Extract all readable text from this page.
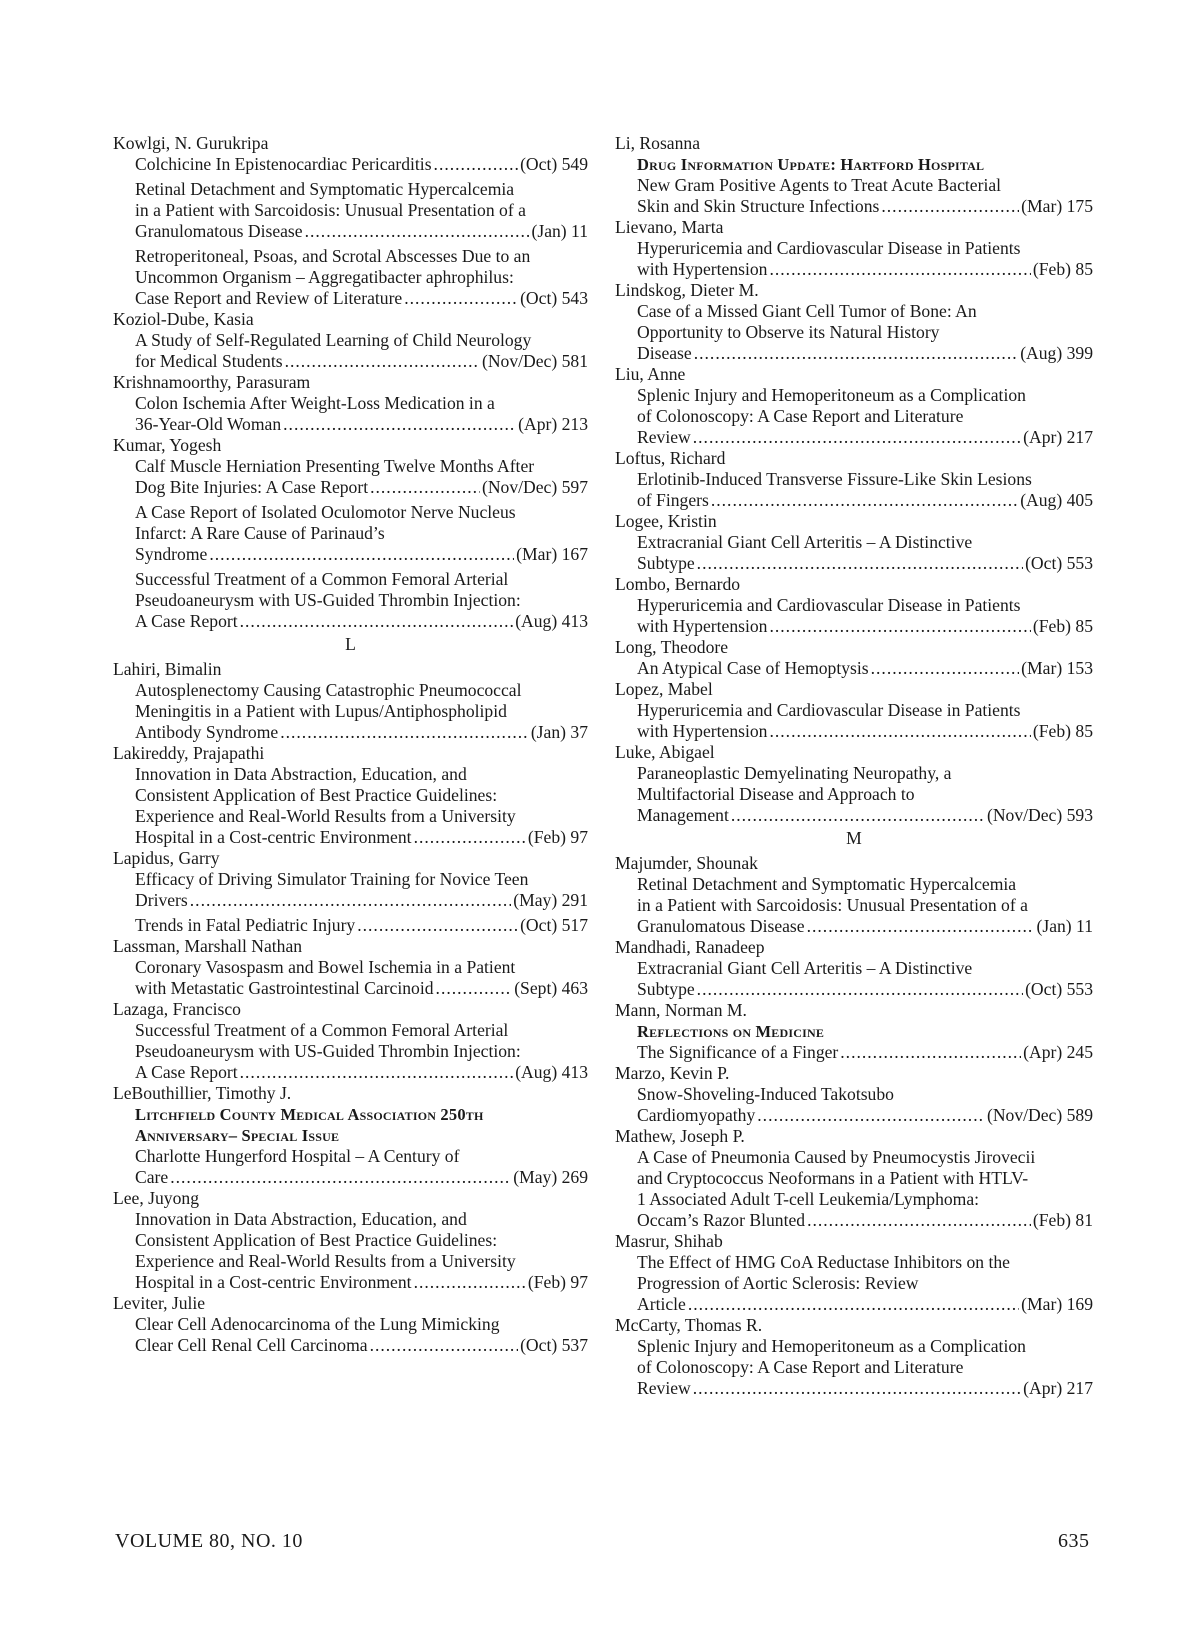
Kowlgi, N. Gurukripa
Colchicine In Epistenocardiac Pericarditis .....	(Oct) 549
Retinal Detachment and Symptomatic Hypercalcemia
in a Patient with Sarcoidosis: Unusual Presentation of a
Granulomatous Disease .....	(Jan) 11
Retroperitoneal, Psoas, and Scrotal Abscesses Due to an
Uncommon Organism – Aggregatibacter aphrophilus:
Case Report and Review of Literature .....	(Oct) 543
Koziol-Dube, Kasia
A Study of Self-Regulated Learning of Child Neurology
for Medical Students .....	(Nov/Dec) 581
Krishnamoorthy, Parasuram
Colon Ischemia After Weight-Loss Medication in a
36-Year-Old Woman .....	(Apr) 213
Kumar, Yogesh
Calf Muscle Herniation Presenting Twelve Months After
Dog Bite Injuries: A Case Report .....	(Nov/Dec) 597
A Case Report of Isolated Oculomotor Nerve Nucleus
Infarct: A Rare Cause of Parinaud’s
Syndrome .....	(Mar) 167
Successful Treatment of a Common Femoral Arterial
Pseudoaneurysm with US-Guided Thrombin Injection:
A Case Report .....	(Aug) 413
L
Lahiri, Bimalin
Autosplenectomy Causing Catastrophic Pneumococcal
Meningitis in a Patient with Lupus/Antiphospholipid
Antibody Syndrome .....	(Jan) 37
Lakireddy, Prajapathi
Innovation in Data Abstraction, Education, and
Consistent Application of Best Practice Guidelines:
Experience and Real-World Results from a University
Hospital in a Cost-centric Environment .....	(Feb) 97
Lapidus, Garry
Efficacy of Driving Simulator Training for Novice Teen
Drivers .....	(May) 291
Trends in Fatal Pediatric Injury .....	(Oct) 517
Lassman, Marshall Nathan
Coronary Vasospasm and Bowel Ischemia in a Patient
with Metastatic Gastrointestinal Carcinoid .....	(Sept) 463
Lazaga, Francisco
Successful Treatment of a Common Femoral Arterial
Pseudoaneurysm with US-Guided Thrombin Injection:
A Case Report .....	(Aug) 413
LeBouthillier, Timothy J.
Litchfield County Medical Association 250th
Anniversary– Special Issue
Charlotte Hungerford Hospital – A Century of
Care .....	(May) 269
Lee, Juyong
Innovation in Data Abstraction, Education, and
Consistent Application of Best Practice Guidelines:
Experience and Real-World Results from a University
Hospital in a Cost-centric Environment .....	(Feb) 97
Leviter, Julie
Clear Cell Adenocarcinoma of the Lung Mimicking
Clear Cell Renal Cell Carcinoma .....	(Oct) 537
Li, Rosanna
Drug Information Update: Hartford Hospital
New Gram Positive Agents to Treat Acute Bacterial
Skin and Skin Structure Infections .....	(Mar) 175
Lievano, Marta
Hyperuricemia and Cardiovascular Disease in Patients
with Hypertension .....	(Feb) 85
Lindskog, Dieter M.
Case of a Missed Giant Cell Tumor of Bone: An
Opportunity to Observe its Natural History
Disease .....	(Aug) 399
Liu, Anne
Splenic Injury and Hemoperitoneum as a Complication
of Colonoscopy: A Case Report and Literature
Review .....	(Apr) 217
Loftus, Richard
Erlotinib-Induced Transverse Fissure-Like Skin Lesions
of Fingers .....	(Aug) 405
Logee, Kristin
Extracranial Giant Cell Arteritis – A Distinctive
Subtype .....	(Oct) 553
Lombo, Bernardo
Hyperuricemia and Cardiovascular Disease in Patients
with Hypertension .....	(Feb) 85
Long, Theodore
An Atypical Case of Hemoptysis .....	(Mar) 153
Lopez, Mabel
Hyperuricemia and Cardiovascular Disease in Patients
with Hypertension .....	(Feb) 85
Luke, Abigael
Paraneoplastic Demyelinating Neuropathy, a
Multifactorial Disease and Approach to
Management .....	(Nov/Dec) 593
M
Majumder, Shounak
Retinal Detachment and Symptomatic Hypercalcemia
in a Patient with Sarcoidosis: Unusual Presentation of a
Granulomatous Disease .....	(Jan) 11
Mandhadi, Ranadeep
Extracranial Giant Cell Arteritis – A Distinctive
Subtype .....	(Oct) 553
Mann, Norman M.
Reflections on Medicine
The Significance of a Finger .....	(Apr) 245
Marzo, Kevin P.
Snow-Shoveling-Induced Takotsubo
Cardiomyopathy .....	(Nov/Dec) 589
Mathew, Joseph P.
A Case of Pneumonia Caused by Pneumocystis Jirovecii
and Cryptococcus Neoformans in a Patient with HTLV-
1 Associated Adult T-cell Leukemia/Lymphoma:
Occam’s Razor Blunted .....	(Feb) 81
Masrur, Shihab
The Effect of HMG CoA Reductase Inhibitors on the
Progression of Aortic Sclerosis: Review
Article .....	(Mar) 169
McCarty, Thomas R.
Splenic Injury and Hemoperitoneum as a Complication
of Colonoscopy: A Case Report and Literature
Review .....	(Apr) 217
VOLUME 80, NO. 10	635
